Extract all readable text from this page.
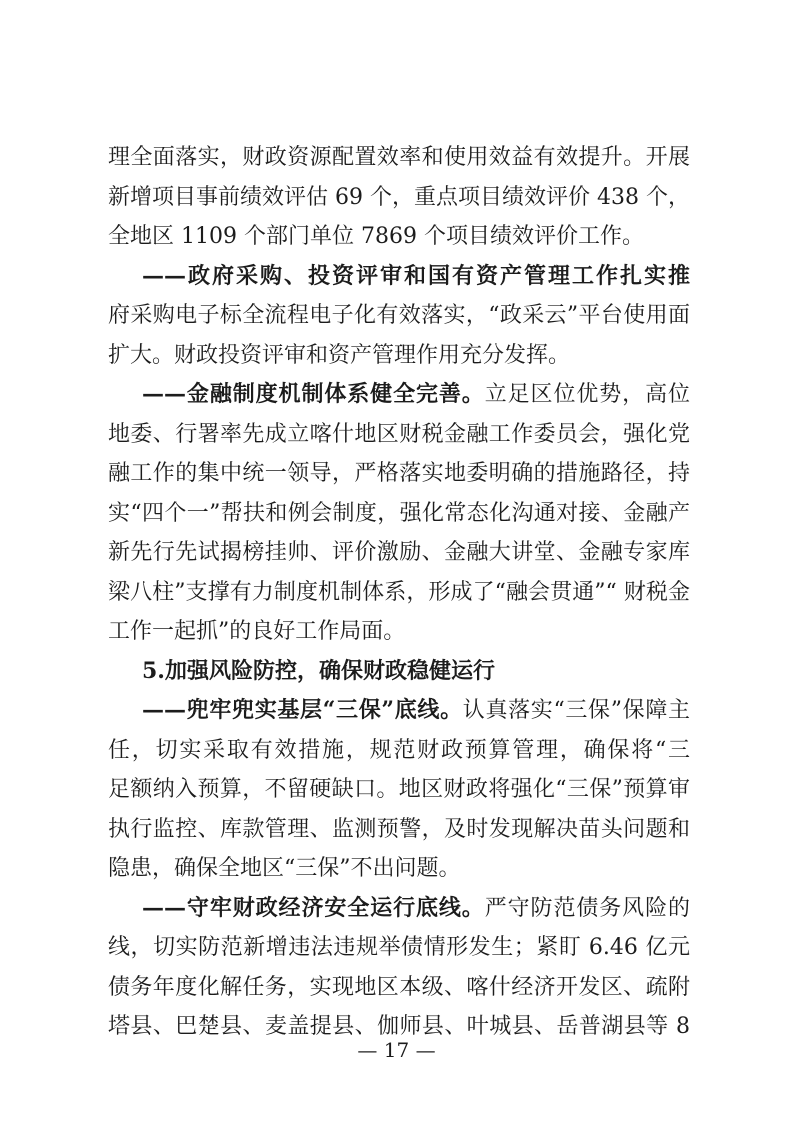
理全面落实，财政资源配置效率和使用效益有效提升。开展
新增项目事前绩效评估 69 个，重点项目绩效评价 438 个，
全地区 1109 个部门单位 7869 个项目绩效评价工作。
——政府采购、投资评审和国有资产管理工作扎实推
府采购电子标全流程电子化有效落实，“政采云”平台使用面
扩大。财政投资评审和资产管理作用充分发挥。
——金融制度机制体系健全完善。立足区位优势，高位
地委、行署率先成立喀什地区财税金融工作委员会，强化党
融工作的集中统一领导，严格落实地委明确的措施路径，持
实“四个一”帮扶和例会制度，强化常态化沟通对接、金融产
新先行先试揭榜挂帅、评价激励、金融大讲堂、金融专家库
梁八柱”支撑有力制度机制体系，形成了“融会贯通”“ 财税金
工作一起抓”的良好工作局面。
5.加强风险防控，确保财政稳健运行
——兜牢兜实基层“三保”底线。认真落实“三保”保障主
任，切实采取有效措施，规范财政预算管理，确保将“三
足额纳入预算，不留硬缺口。地区财政将强化“三保”预算审
执行监控、库款管理、监测预警，及时发现解决苗头问题和
隐患，确保全地区“三保”不出问题。
——守牢财政经济安全运行底线。严守防范债务风险的
线，切实防范新增违法违规举债情形发生；紧盯 6.46 亿元
债务年度化解任务，实现地区本级、喀什经济开发区、疏附
塔县、巴楚县、麦盖提县、伽师县、叶城县、岳普湖县等 8
— 17 —
